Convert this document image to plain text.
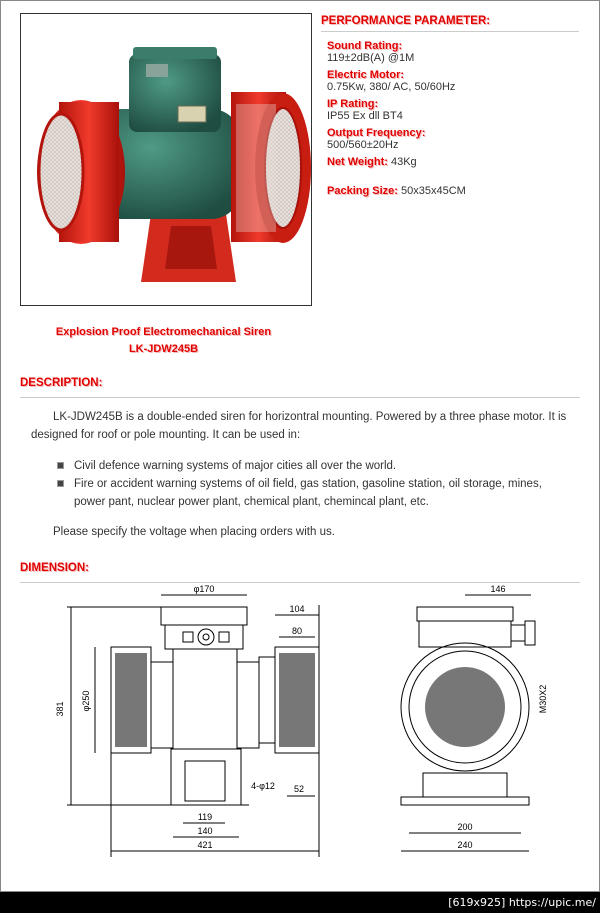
PERFORMANCE PARAMETER:
Sound Rating:
119±2dB(A) @1M
Electric Motor:
0.75Kw, 380/ AC, 50/60Hz
IP Rating:
IP55 Ex dll BT4
Output Frequency:
500/560±20Hz
Net Weight: 43Kg
Packing Size: 50x35x45CM
Explosion Proof Electromechanical Siren
LK-JDW245B
DESCRIPTION:

LK-JDW245B is a double-ended siren for horizontral mounting. Powered by a three phase motor. It is designed for roof or pole mounting. It can be used in:

Civil defence warning systems of major cities all over the world.
Fire or accident warning systems of oil field, gas station, gasoline station, oil storage, mines, power pant, nuclear power plant, chemical plant, chemincal plant, etc.

Please specify the voltage when placing orders with us.

DIMENSION:
φ170
104
80
381 φ250
4-φ12 52
119
140
421
146
M30X2
200
240
[619x925] https://upic.me/
